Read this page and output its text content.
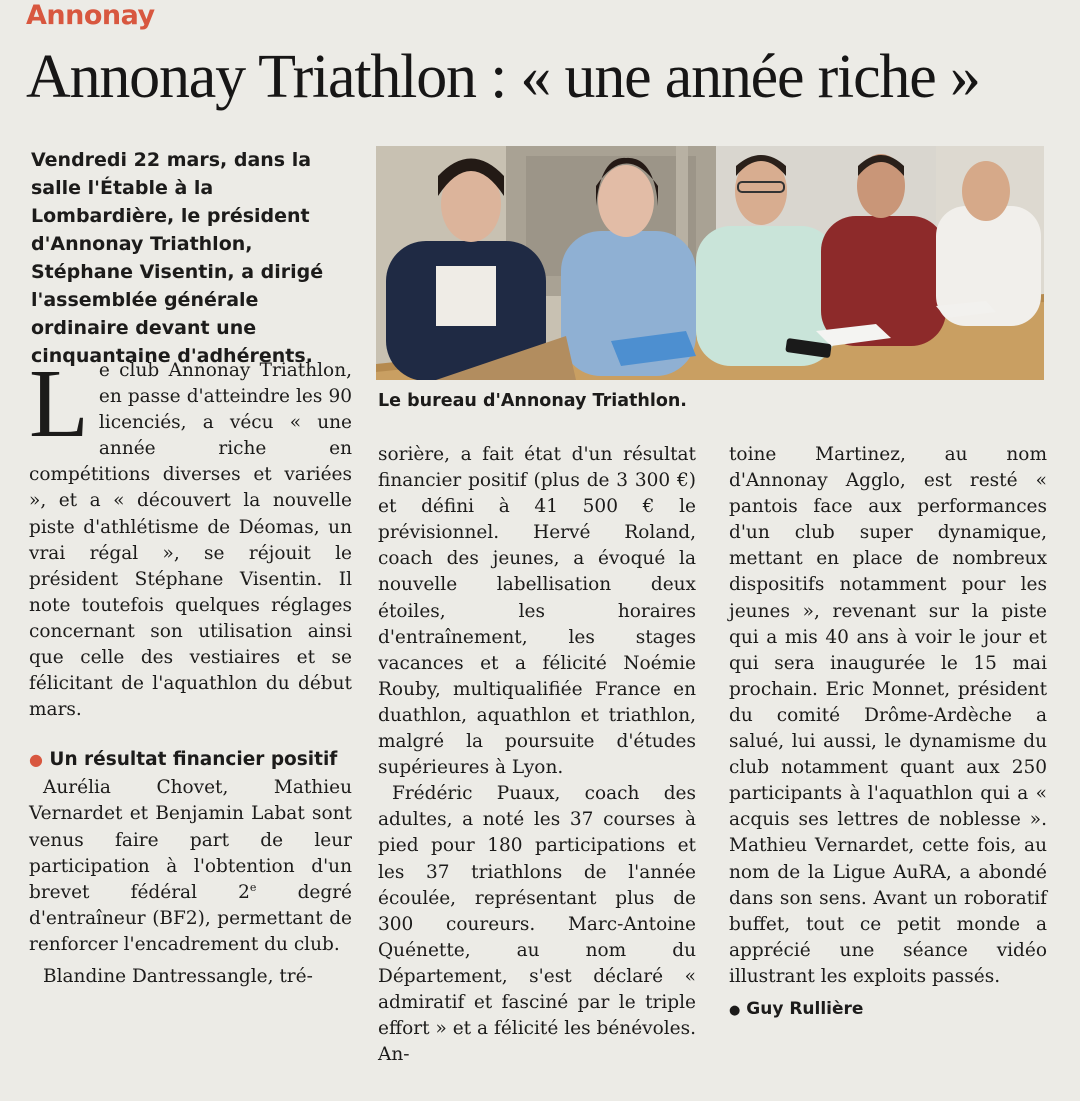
Annonay
Annonay Triathlon : « une année riche »
Vendredi 22 mars, dans la salle l'Étable à la Lombardière, le président d'Annonay Triathlon, Stéphane Visentin, a dirigé l'assemblée générale ordinaire devant une cinquantaine d'adhérents.
Le bureau d'Annonay Triathlon.

Le club Annonay Triathlon, en passe d'atteindre les 90 licenciés, a vécu « une année riche en compétitions diverses et variées », et a « découvert la nouvelle piste d'athlétisme de Déomas, un vrai régal », se réjouit le président Stéphane Visentin. Il note toutefois quelques réglages concernant son utilisation ainsi que celle des vestiaires et se félicitant de l'aquathlon du début mars.

● Un résultat financier positif

Aurélia Chovet, Mathieu Vernardet et Benjamin Labat sont venus faire part de leur participation à l'obtention d'un brevet fédéral 2e degré d'entraîneur (BF2), permettant de renforcer l'encadrement du club.

Blandine Dantressangle, tré-

sorière, a fait état d'un résultat financier positif (plus de 3 300 €) et défini à 41 500 € le prévisionnel. Hervé Roland, coach des jeunes, a évoqué la nouvelle labellisation deux étoiles, les horaires d'entraînement, les stages vacances et a félicité Noémie Rouby, multiqualifiée France en duathlon, aquathlon et triathlon, malgré la poursuite d'études supérieures à Lyon.

Frédéric Puaux, coach des adultes, a noté les 37 courses à pied pour 180 participations et les 37 triathlons de l'année écoulée, représentant plus de 300 coureurs. Marc-Antoine Quénette, au nom du Département, s'est déclaré « admiratif et fasciné par le triple effort » et a félicité les bénévoles. An-

toine Martinez, au nom d'Annonay Agglo, est resté « pantois face aux performances d'un club super dynamique, mettant en place de nombreux dispositifs notamment pour les jeunes », revenant sur la piste qui a mis 40 ans à voir le jour et qui sera inaugurée le 15 mai prochain. Eric Monnet, président du comité Drôme-Ardèche a salué, lui aussi, le dynamisme du club notamment quant aux 250 participants à l'aquathlon qui a « acquis ses lettres de noblesse ». Mathieu Vernardet, cette fois, au nom de la Ligue AuRA, a abondé dans son sens. Avant un roboratif buffet, tout ce petit monde a apprécié une séance vidéo illustrant les exploits passés.

● Guy Rullière
